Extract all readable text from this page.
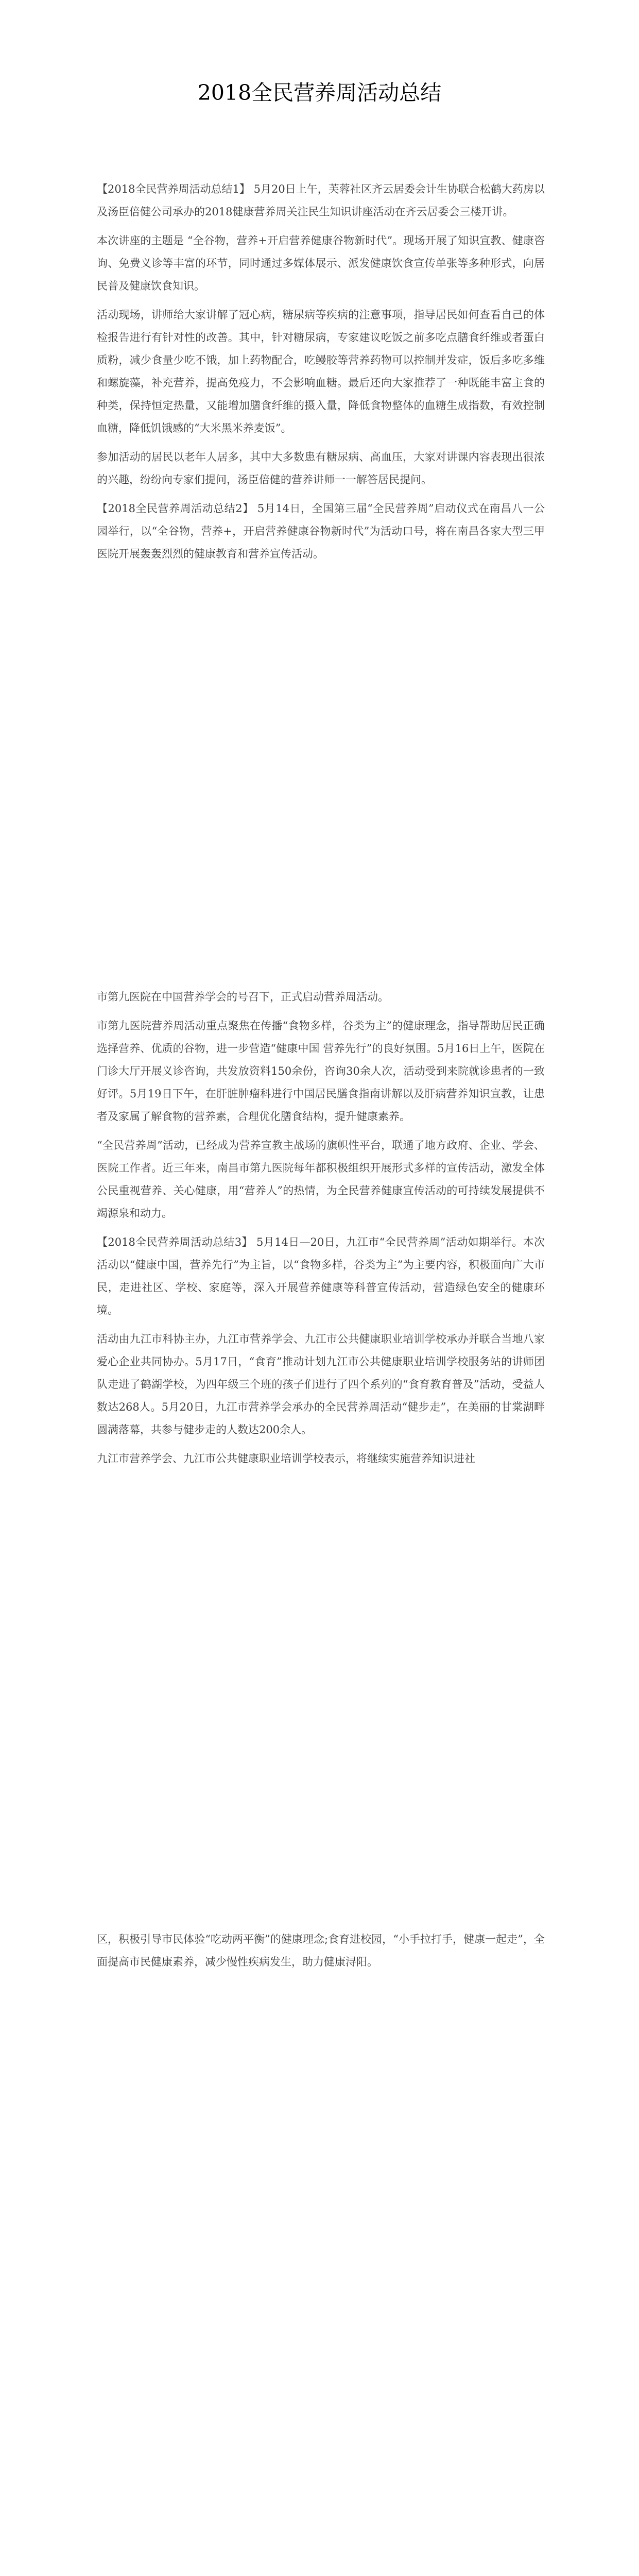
2018全民营养周活动总结

【2018全民营养周活动总结1】 5月20日上午，芙蓉社区齐云居委会计生协联合松鹤大药房以及汤臣倍健公司承办的2018健康营养周关注民生知识讲座活动在齐云居委会三楼开讲。

本次讲座的主题是 “全谷物，营养+开启营养健康谷物新时代”。现场开展了知识宣教、健康咨询、免费义诊等丰富的环节，同时通过多媒体展示、派发健康饮食宣传单张等多种形式，向居民普及健康饮食知识。

活动现场，讲师给大家讲解了冠心病，糖尿病等疾病的注意事项，指导居民如何查看自己的体检报告进行有针对性的改善。其中，针对糖尿病，专家建议吃饭之前多吃点膳食纤维或者蛋白质粉，减少食量少吃不饿，加上药物配合，吃鳗胶等营养药物可以控制并发症，饭后多吃多维和螺旋藻，补充营养，提高免疫力，不会影响血糖。最后还向大家推荐了一种既能丰富主食的种类，保持恒定热量，又能增加膳食纤维的摄入量，降低食物整体的血糖生成指数，有效控制血糖，降低饥饿感的“大米黑米养麦饭”。

参加活动的居民以老年人居多，其中大多数患有糖尿病、高血压，大家对讲课内容表现出很浓的兴趣，纷纷向专家们提问，汤臣倍健的营养讲师一一解答居民提问。

【2018全民营养周活动总结2】 5月14日，全国第三届“全民营养周”启动仪式在南昌八一公园举行，以“全谷物，营养+，开启营养健康谷物新时代”为活动口号，将在南昌各家大型三甲医院开展轰轰烈烈的健康教育和营养宣传活动。

市第九医院在中国营养学会的号召下，正式启动营养周活动。

市第九医院营养周活动重点聚焦在传播“食物多样，谷类为主”的健康理念，指导帮助居民正确选择营养、优质的谷物，进一步营造“健康中国 营养先行”的良好氛围。5月16日上午，医院在门诊大厅开展义诊咨询，共发放资料150余份，咨询30余人次，活动受到来院就诊患者的一致好评。5月19日下午，在肝脏肿瘤科进行中国居民膳食指南讲解以及肝病营养知识宣教，让患者及家属了解食物的营养素，合理优化膳食结构，提升健康素养。

“全民营养周”活动，已经成为营养宣教主战场的旗帜性平台，联通了地方政府、企业、学会、医院工作者。近三年来，南昌市第九医院每年都积极组织开展形式多样的宣传活动，激发全体公民重视营养、关心健康，用“营养人”的热情，为全民营养健康宣传活动的可持续发展提供不竭源泉和动力。

【2018全民营养周活动总结3】 5月14日—20日，九江市“全民营养周”活动如期举行。本次活动以“健康中国，营养先行”为主旨，以“食物多样，谷类为主”为主要内容，积极面向广大市民，走进社区、学校、家庭等，深入开展营养健康等科普宣传活动，营造绿色安全的健康环境。

活动由九江市科协主办，九江市营养学会、九江市公共健康职业培训学校承办并联合当地八家爱心企业共同协办。5月17日，“食育”推动计划九江市公共健康职业培训学校服务站的讲师团队走进了鹤湖学校，为四年级三个班的孩子们进行了四个系列的“食育教育普及”活动，受益人数达268人。5月20日，九江市营养学会承办的全民营养周活动“健步走”，在美丽的甘棠湖畔圆满落幕，共参与健步走的人数达200余人。

九江市营养学会、九江市公共健康职业培训学校表示，将继续实施营养知识进社

区，积极引导市民体验“吃动两平衡”的健康理念;食育进校园，“小手拉打手，健康一起走”，全面提高市民健康素养，减少慢性疾病发生，助力健康浔阳。
